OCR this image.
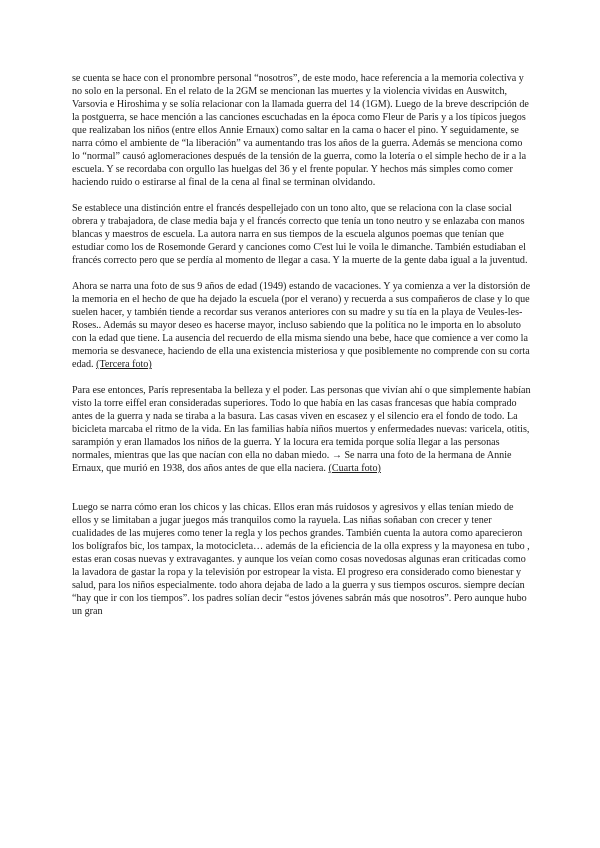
se cuenta se hace con el pronombre personal “nosotros”, de este modo, hace referencia a la memoria colectiva y no solo en la personal. En el relato de la 2GM se mencionan las muertes y la violencia vividas en Auswitch, Varsovia e Hiroshima y se solía relacionar con la llamada guerra del 14 (1GM). Luego de la breve descripción de la postguerra, se hace mención a las canciones escuchadas en la época como Fleur de Paris y a los típicos juegos que realizaban los niños (entre ellos Annie Ernaux) como saltar en la cama o hacer el pino. Y seguidamente, se narra cómo el ambiente de “la liberación” va aumentando tras los años de la guerra. Además se menciona como lo “normal” causó aglomeraciones después de la tensión de la guerra, como la lotería o el simple hecho de ir a la escuela. Y se recordaba con orgullo las huelgas del 36 y el frente popular. Y hechos más simples como comer haciendo ruido o estirarse al final de la cena al final se terminan olvidando.

Se establece una distinción entre el francés despellejado con un tono alto, que se relaciona con la clase social obrera y trabajadora, de clase media baja y el francés correcto que tenía un tono neutro y se enlazaba con manos blancas y maestros de escuela. La autora narra en sus tiempos de la escuela algunos poemas que tenían que estudiar como los de Rosemonde Gerard y canciones como C'est lui le voila le dimanche. También estudiaban el francés correcto pero que se perdía al momento de llegar a casa. Y la muerte de la gente daba igual a la juventud.

Ahora se narra una foto de sus 9 años de edad (1949) estando de vacaciones. Y ya comienza a ver la distorsión de la memoria en el hecho de que ha dejado la escuela (por el verano) y recuerda a sus compañeros de clase y lo que suelen hacer, y también tiende a recordar sus veranos anteriores con su madre y su tía en la playa de Veules-les-Roses.. Además su mayor deseo es hacerse mayor, incluso sabiendo que la política no le importa en lo absoluto con la edad que tiene. La ausencia del recuerdo de ella misma siendo una bebe, hace que comience a ver como la memoria se desvanece, haciendo de ella una existencia misteriosa y que posiblemente no comprende con su corta edad. (Tercera foto)

Para ese entonces, París representaba la belleza y el poder. Las personas que vivían ahí o que simplemente habían visto la torre eiffel eran consideradas superiores. Todo lo que había en las casas francesas que había comprado antes de la guerra y nada se tiraba a la basura. Las casas viven en escasez y el silencio era el fondo de todo. La bicicleta marcaba el ritmo de la vida. En las familias había niños muertos y enfermedades nuevas: varicela, otitis, sarampión y eran llamados los niños de la guerra. Y la locura era temida porque solía llegar a las personas normales, mientras que las que nacían con ella no daban miedo. → Se narra una foto de la hermana de Annie Ernaux, que murió en 1938, dos años antes de que ella naciera. (Cuarta foto)

Luego se narra cómo eran los chicos y las chicas. Ellos eran más ruidosos y agresivos y ellas tenían miedo de ellos y se limitaban a jugar juegos más tranquilos como la rayuela. Las niñas soñaban con crecer y tener cualidades de las mujeres como tener la regla y los pechos grandes. También cuenta la autora como aparecieron los bolígrafos bic, los tampax, la motocicleta… además de la eficiencia de la olla express y la mayonesa en tubo , estas eran cosas nuevas y extravagantes. y aunque los veían como cosas novedosas algunas eran criticadas como la lavadora de gastar la ropa y la televisión por estropear la vista. El progreso era considerado como bienestar y salud, para los niños especialmente. todo ahora dejaba de lado a la guerra y sus tiempos oscuros. siempre decían “hay que ir con los tiempos”. los padres solían decir “estos jóvenes sabrán más que nosotros”. Pero aunque hubo un gran
